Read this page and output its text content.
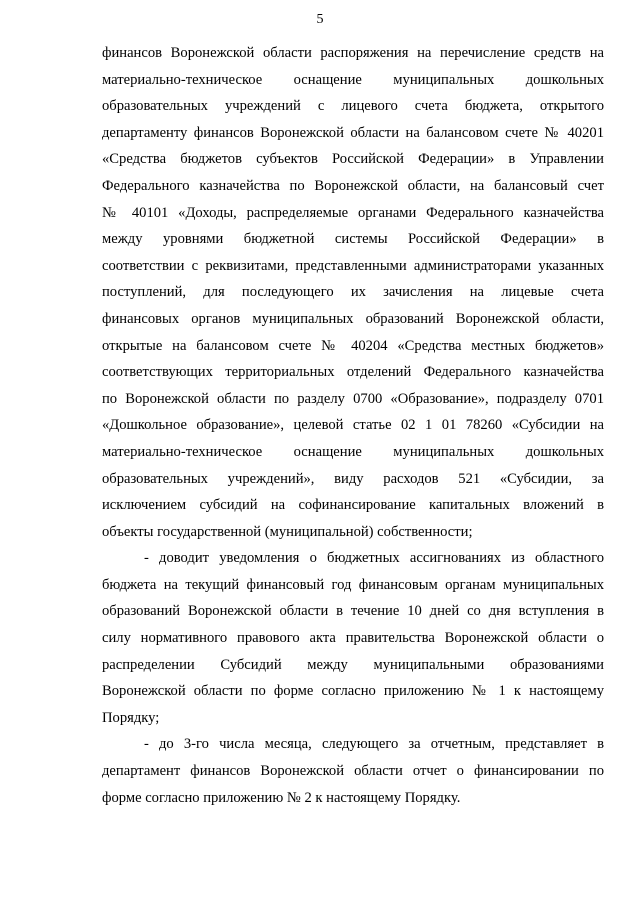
5
финансов Воронежской области распоряжения на перечисление средств на
материально-техническое оснащение муниципальных дошкольных
образовательных учреждений с лицевого счета бюджета, открытого
департаменту финансов Воронежской области на балансовом счете № 40201
«Средства бюджетов субъектов Российской Федерации» в Управлении
Федерального казначейства по Воронежской области, на балансовый счет
№ 40101 «Доходы, распределяемые органами Федерального казначейства
между уровнями бюджетной системы Российской Федерации» в
соответствии с реквизитами, представленными администраторами указанных
поступлений, для последующего их зачисления на лицевые счета
финансовых органов муниципальных образований Воронежской области,
открытые на балансовом счете № 40204 «Средства местных бюджетов»
соответствующих территориальных отделений Федерального казначейства
по Воронежской области по разделу 0700 «Образование», подразделу 0701
«Дошкольное образование», целевой статье 02 1 01 78260 «Субсидии на
материально-техническое оснащение муниципальных дошкольных
образовательных учреждений», виду расходов 521 «Субсидии, за
исключением субсидий на софинансирование капитальных вложений в
объекты государственной (муниципальной) собственности;
- доводит уведомления о бюджетных ассигнованиях из областного
бюджета на текущий финансовый год финансовым органам муниципальных
образований Воронежской области в течение 10 дней со дня вступления в
силу нормативного правового акта правительства Воронежской области о
распределении Субсидий между муниципальными образованиями
Воронежской области по форме согласно приложению № 1 к настоящему
Порядку;
- до 3-го числа месяца, следующего за отчетным, представляет в
департамент финансов Воронежской области отчет о финансировании по
форме согласно приложению № 2 к настоящему Порядку.
